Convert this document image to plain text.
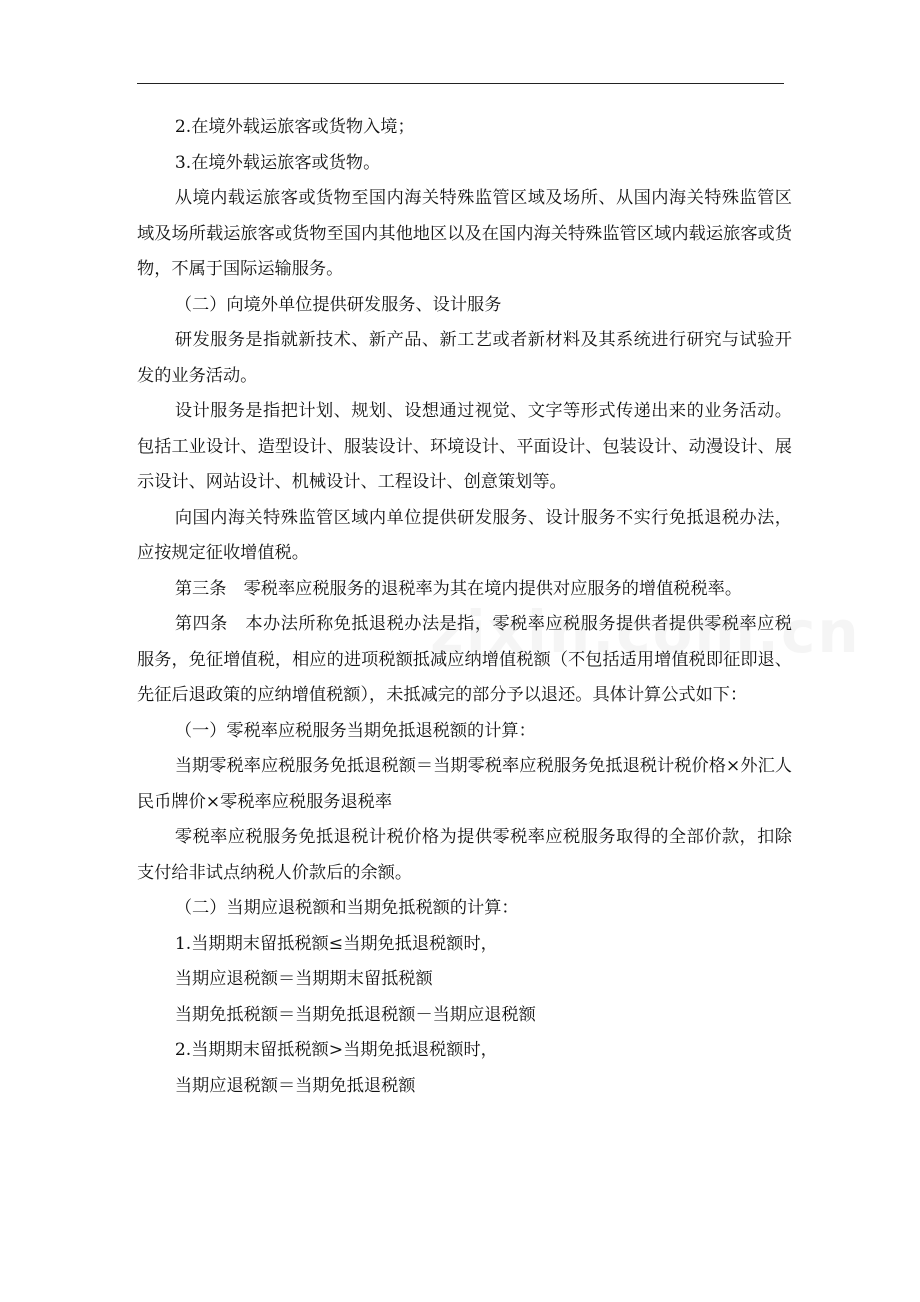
2.在境外载运旅客或货物入境；

3.在境外载运旅客或货物。

从境内载运旅客或货物至国内海关特殊监管区域及场所、从国内海关特殊监管区域及场所载运旅客或货物至国内其他地区以及在国内海关特殊监管区域内载运旅客或货物，不属于国际运输服务。

（二）向境外单位提供研发服务、设计服务

研发服务是指就新技术、新产品、新工艺或者新材料及其系统进行研究与试验开发的业务活动。

设计服务是指把计划、规划、设想通过视觉、文字等形式传递出来的业务活动。包括工业设计、造型设计、服装设计、环境设计、平面设计、包装设计、动漫设计、展示设计、网站设计、机械设计、工程设计、创意策划等。

向国内海关特殊监管区域内单位提供研发服务、设计服务不实行免抵退税办法，应按规定征收增值税。

第三条　零税率应税服务的退税率为其在境内提供对应服务的增值税税率。

第四条　本办法所称免抵退税办法是指，零税率应税服务提供者提供零税率应税服务，免征增值税，相应的进项税额抵减应纳增值税额（不包括适用增值税即征即退、先征后退政策的应纳增值税额），未抵减完的部分予以退还。具体计算公式如下：

（一）零税率应税服务当期免抵退税额的计算：

当期零税率应税服务免抵退税额＝当期零税率应税服务免抵退税计税价格×外汇人民币牌价×零税率应税服务退税率

零税率应税服务免抵退税计税价格为提供零税率应税服务取得的全部价款，扣除支付给非试点纳税人价款后的余额。

（二）当期应退税额和当期免抵税额的计算：

1.当期期末留抵税额≤当期免抵退税额时，

当期应退税额＝当期期末留抵税额

当期免抵税额＝当期免抵退税额－当期应退税额

2.当期期末留抵税额>当期免抵退税额时，

当期应退税额＝当期免抵退税额
